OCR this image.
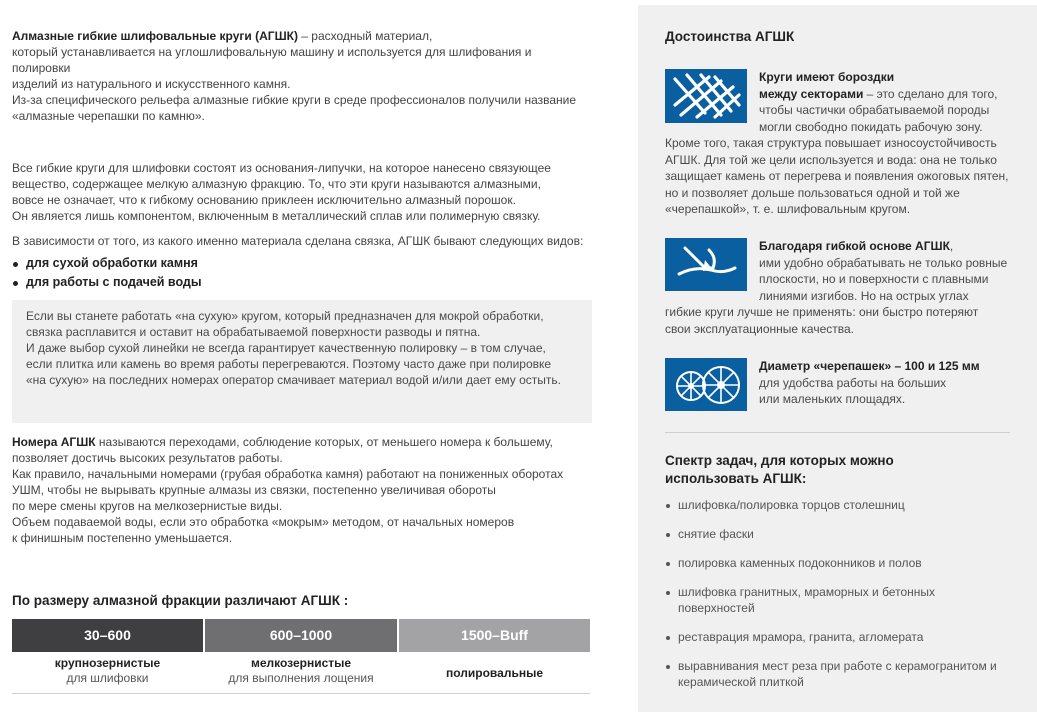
Алмазные гибкие шлифовальные круги (АГШК) – расходный материал,
который устанавливается на углошлифовальную машину и используется для шлифования и полировки
изделий из натурального и искусственного камня.
Из-за специфического рельефа алмазные гибкие круги в среде профессионалов получили название
«алмазные черепашки по камню».
Все гибкие круги для шлифовки состоят из основания-липучки, на которое нанесено связующее
вещество, содержащее мелкую алмазную фракцию. То, что эти круги называются алмазными,
вовсе не означает, что к гибкому основанию приклеен исключительно алмазный порошок.
Он является лишь компонентом, включенным в металлический сплав или полимерную связку.
В зависимости от того, из какого именно материала сделана связка, АГШК бывают следующих видов:
для сухой обработки камня
для работы с подачей воды
Если вы станете работать «на сухую» кругом, который предназначен для мокрой обработки,
связка расплавится и оставит на обрабатываемой поверхности разводы и пятна.
И даже выбор сухой линейки не всегда гарантирует качественную полировку – в том случае,
если плитка или камень во время работы перегреваются. Поэтому часто даже при полировке
«на сухую» на последних номерах оператор смачивает материал водой и/или дает ему остыть.
Номера АГШК называются переходами, соблюдение которых, от меньшего номера к большему,
позволяет достичь высоких результатов работы.
Как правило, начальными номерами (грубая обработка камня) работают на пониженных оборотах
УШМ, чтобы не вырывать крупные алмазы из связки, постепенно увеличивая обороты
по мере смены кругов на мелкозернистые виды.
Объем подаваемой воды, если это обработка «мокрым» методом, от начальных номеров
к финишным постепенно уменьшается.
По размеру алмазной фракции различают АГШК :
30–600
крупнозернистые
для шлифовки
600–1000
мелкозернистые
для выполнения лощения
1500–Buff
полировальные
Достоинства АГШК
Круги имеют бороздки
между секторами – это сделано для того,
чтобы частички обрабатываемой породы
могли свободно покидать рабочую зону.
Кроме того, такая структура повышает износоустойчивость
АГШК. Для той же цели используется и вода: она не только
защищает камень от перегрева и появления ожоговых пятен,
но и позволяет дольше пользоваться одной и той же
«черепашкой», т. е. шлифовальным кругом.
Благодаря гибкой основе АГШК,
ими удобно обрабатывать не только ровные
плоскости, но и поверхности с плавными
линиями изгибов. Но на острых углах
гибкие круги лучше не применять: они быстро потеряют
свои эксплуатационные качества.
Диаметр «черепашек» – 100 и 125 мм
для удобства работы на больших
или маленьких площадях.
Спектр задач, для которых можно использовать АГШК:
шлифовка/полировка торцов столешниц
снятие фаски
полировка каменных подоконников и полов
шлифовка гранитных, мраморных и бетонных поверхностей
реставрация мрамора, гранита, агломерата
выравнивания мест реза при работе с керамогранитом и керамической плиткой
